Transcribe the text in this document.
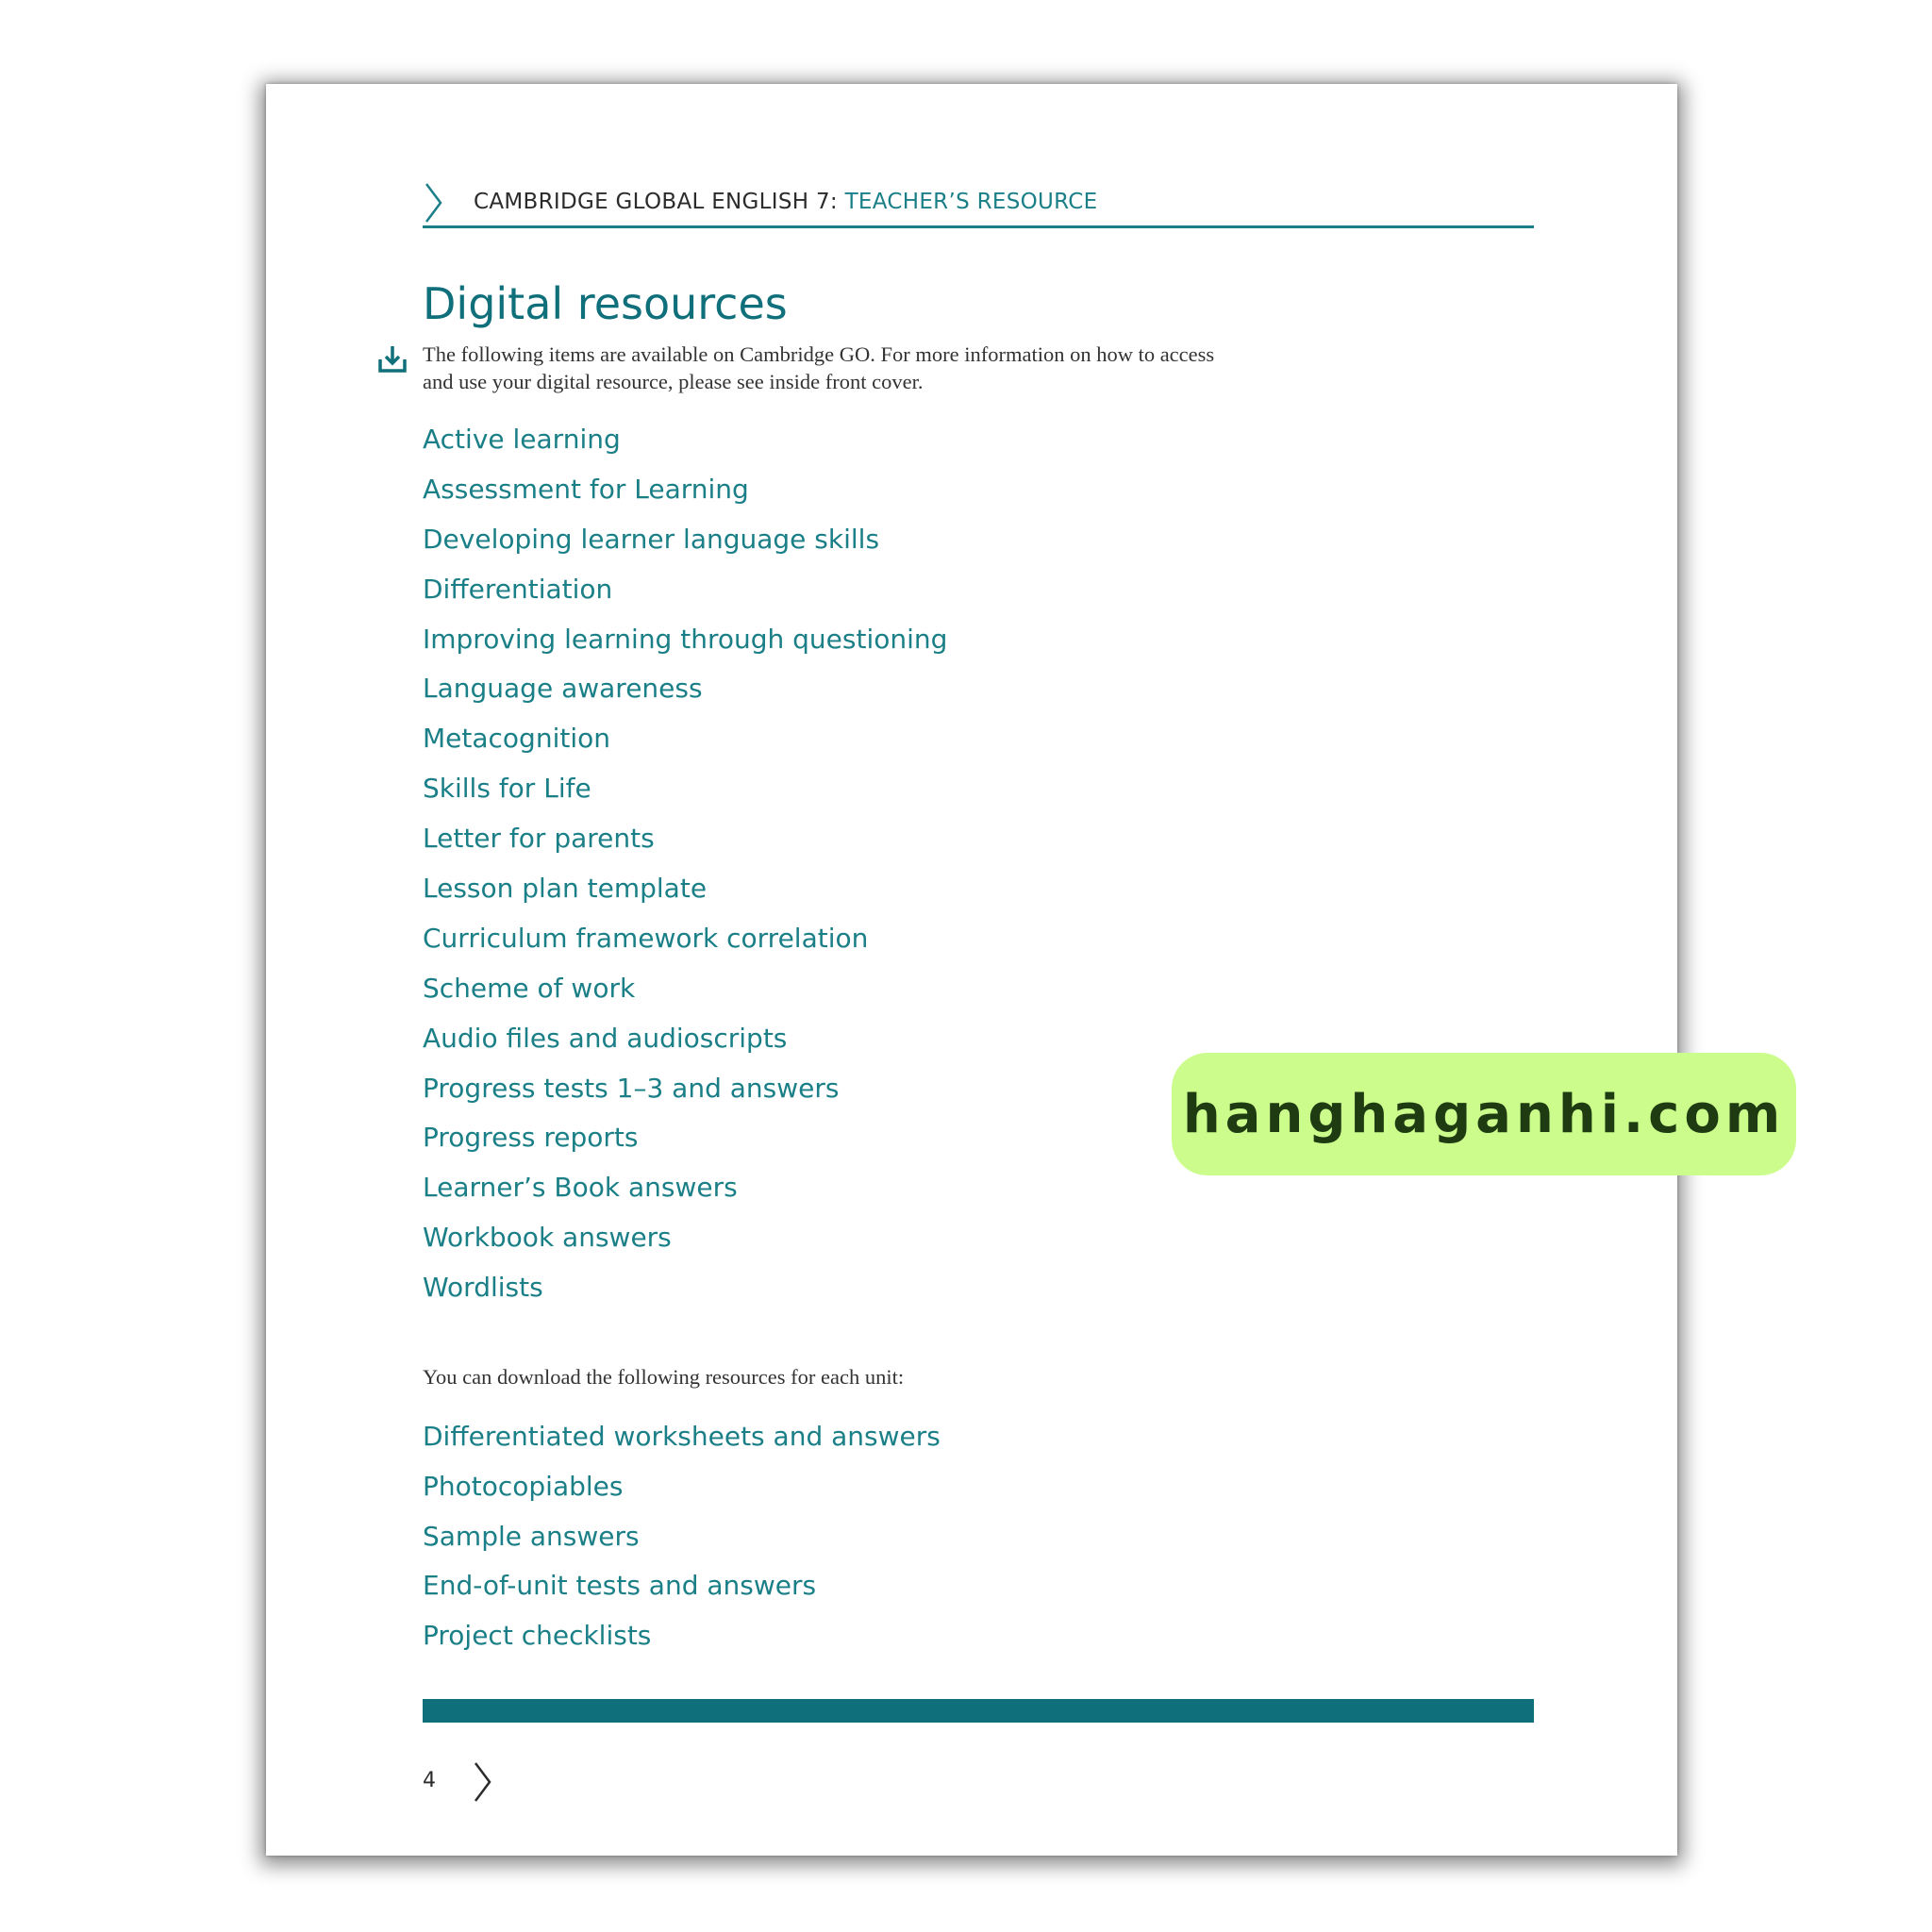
CAMBRIDGE GLOBAL ENGLISH 7: TEACHER’S RESOURCE
Digital resources

The following items are available on Cambridge GO. For more information on how to access and use your digital resource, please see inside front cover.

Active learning
Assessment for Learning
Developing learner language skills
Differentiation
Improving learning through questioning
Language awareness
Metacognition
Skills for Life
Letter for parents
Lesson plan template
Curriculum framework correlation
Scheme of work
Audio files and audioscripts
Progress tests 1–3 and answers
Progress reports
Learner’s Book answers
Workbook answers
Wordlists
You can download the following resources for each unit:
Differentiated worksheets and answers
Photocopiables
Sample answers
End-of-unit tests and answers
Project checklists
4
hanghaganhi.com
